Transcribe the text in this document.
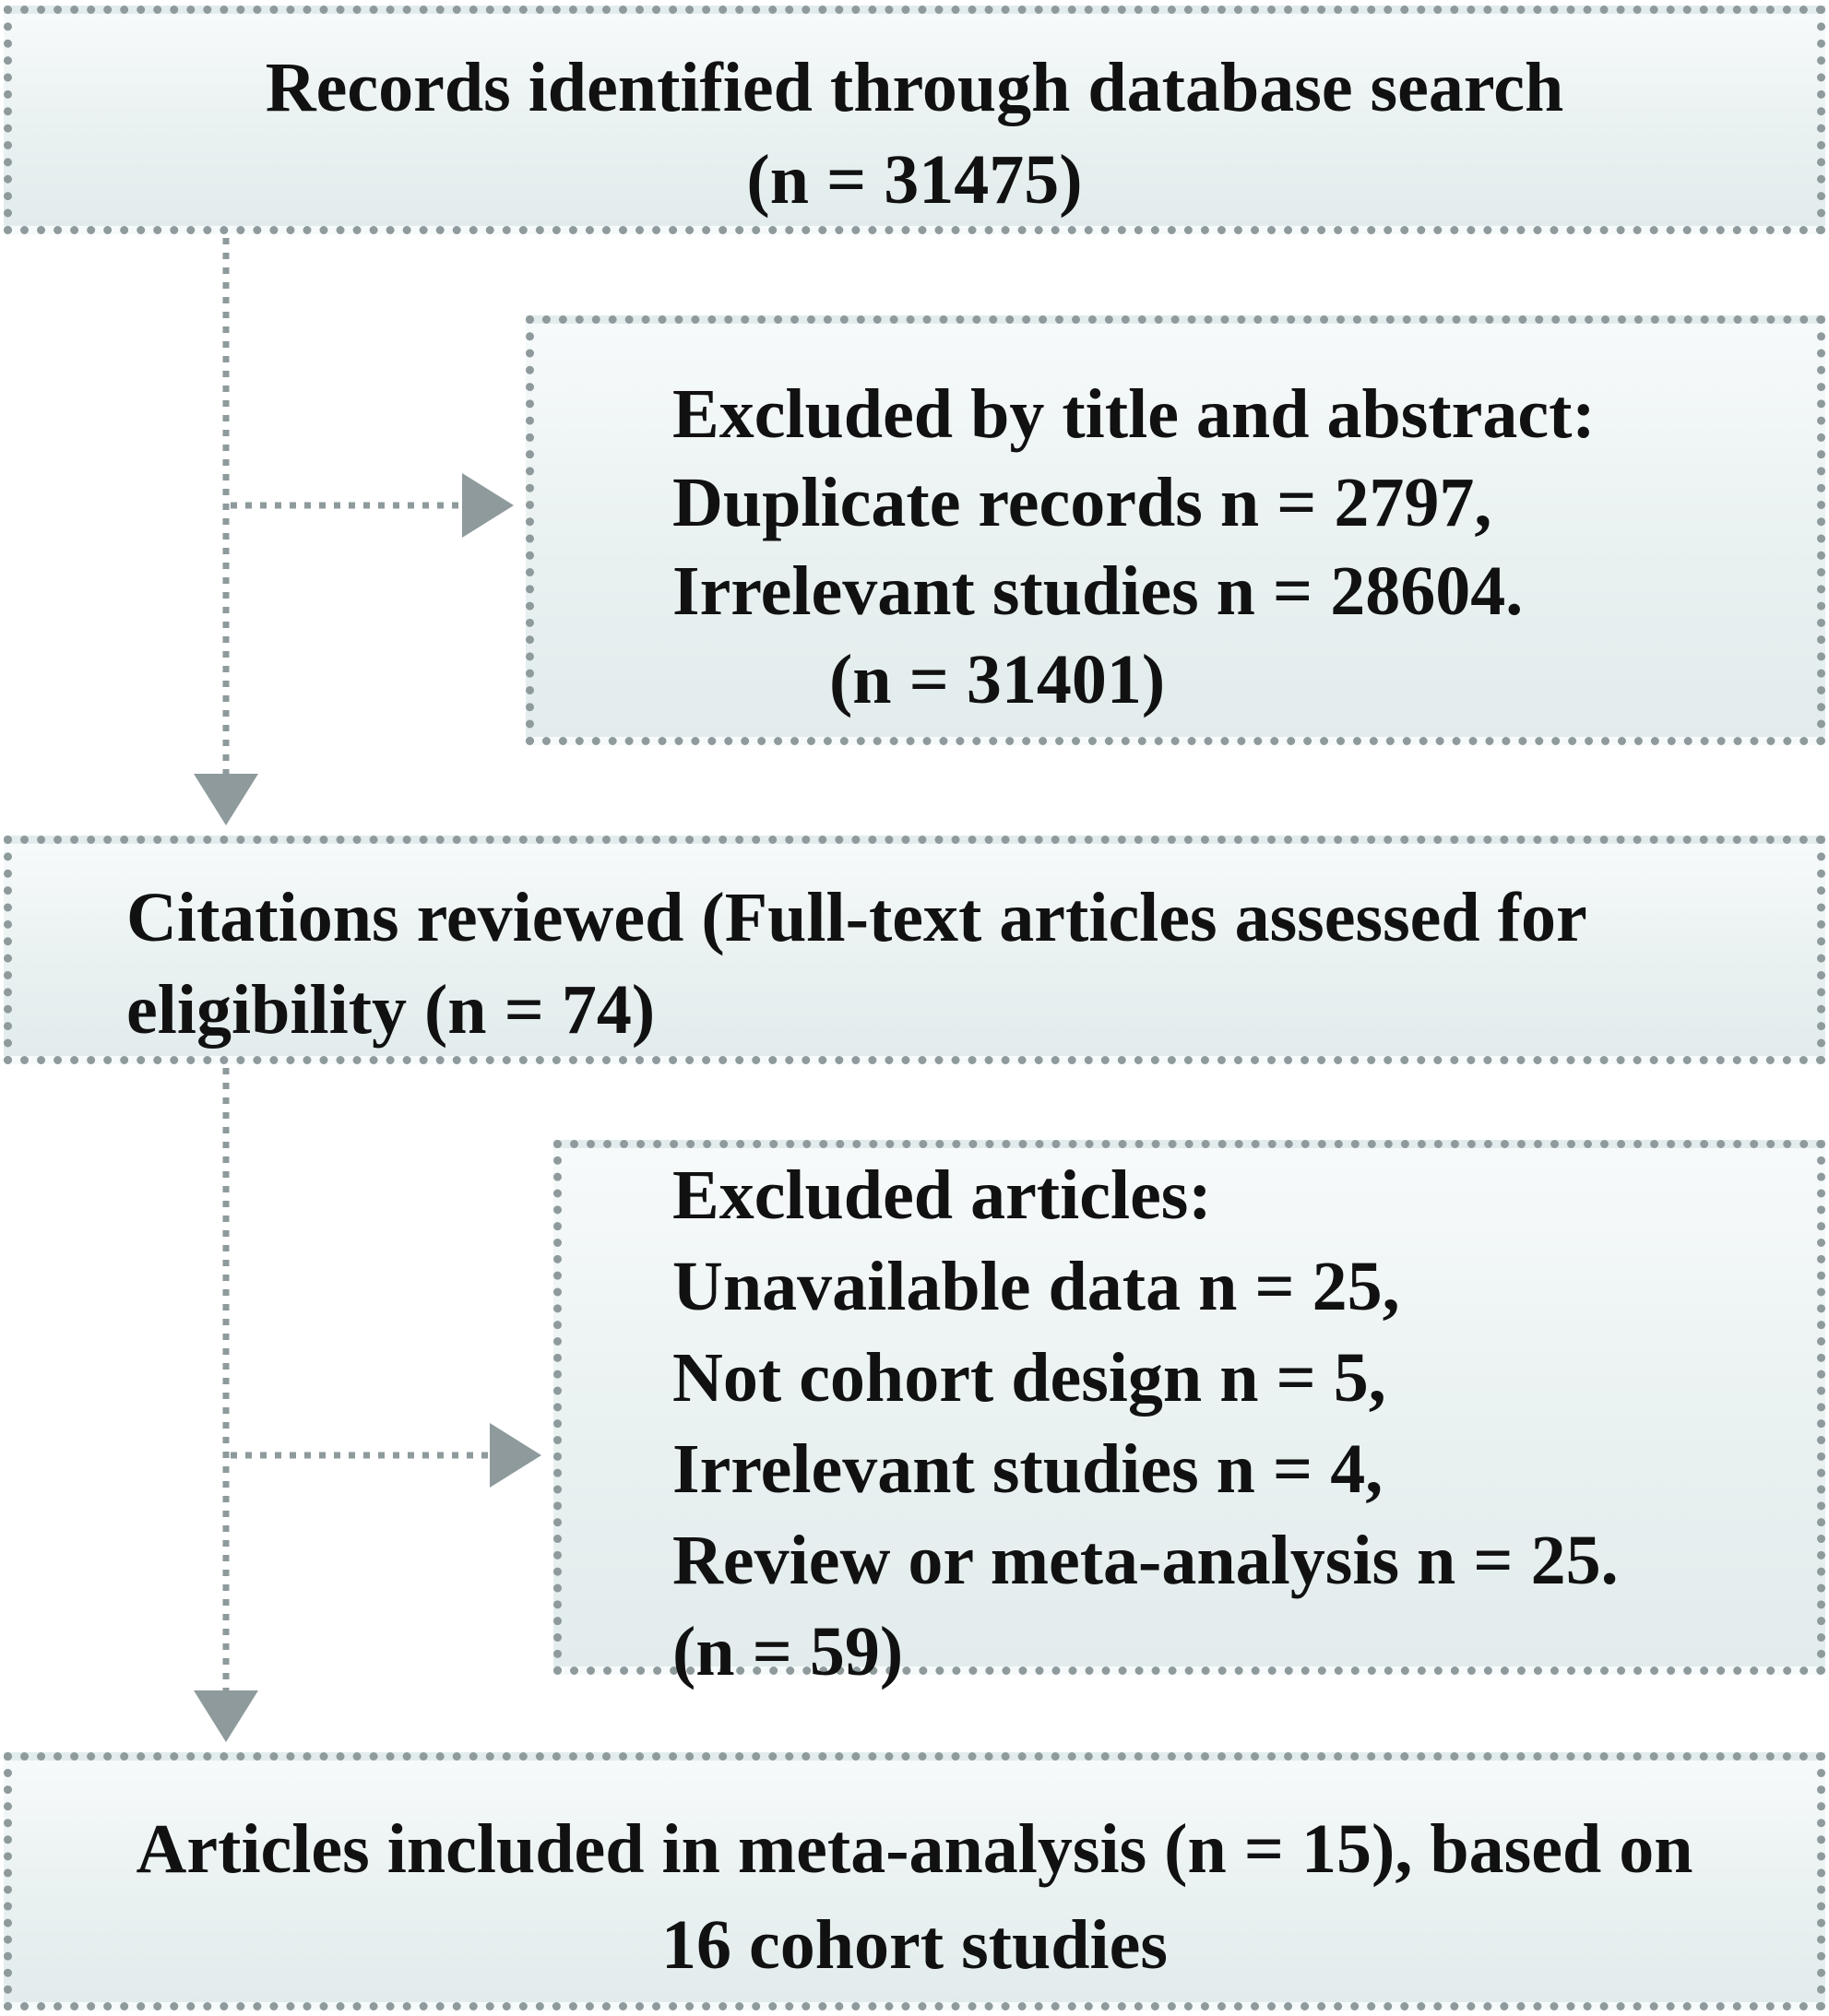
Records identified through database search
(n = 31475)
Excluded by title and abstract:
Duplicate records n = 2797,
Irrelevant studies n = 28604.
(n = 31401)
Citations reviewed (Full-text articles assessed for
eligibility (n = 74)
Excluded articles:
Unavailable data n = 25,
Not cohort design n = 5,
Irrelevant studies n = 4,
Review or meta-analysis n = 25.
(n = 59)
Articles included in meta-analysis (n = 15), based on
16 cohort studies
